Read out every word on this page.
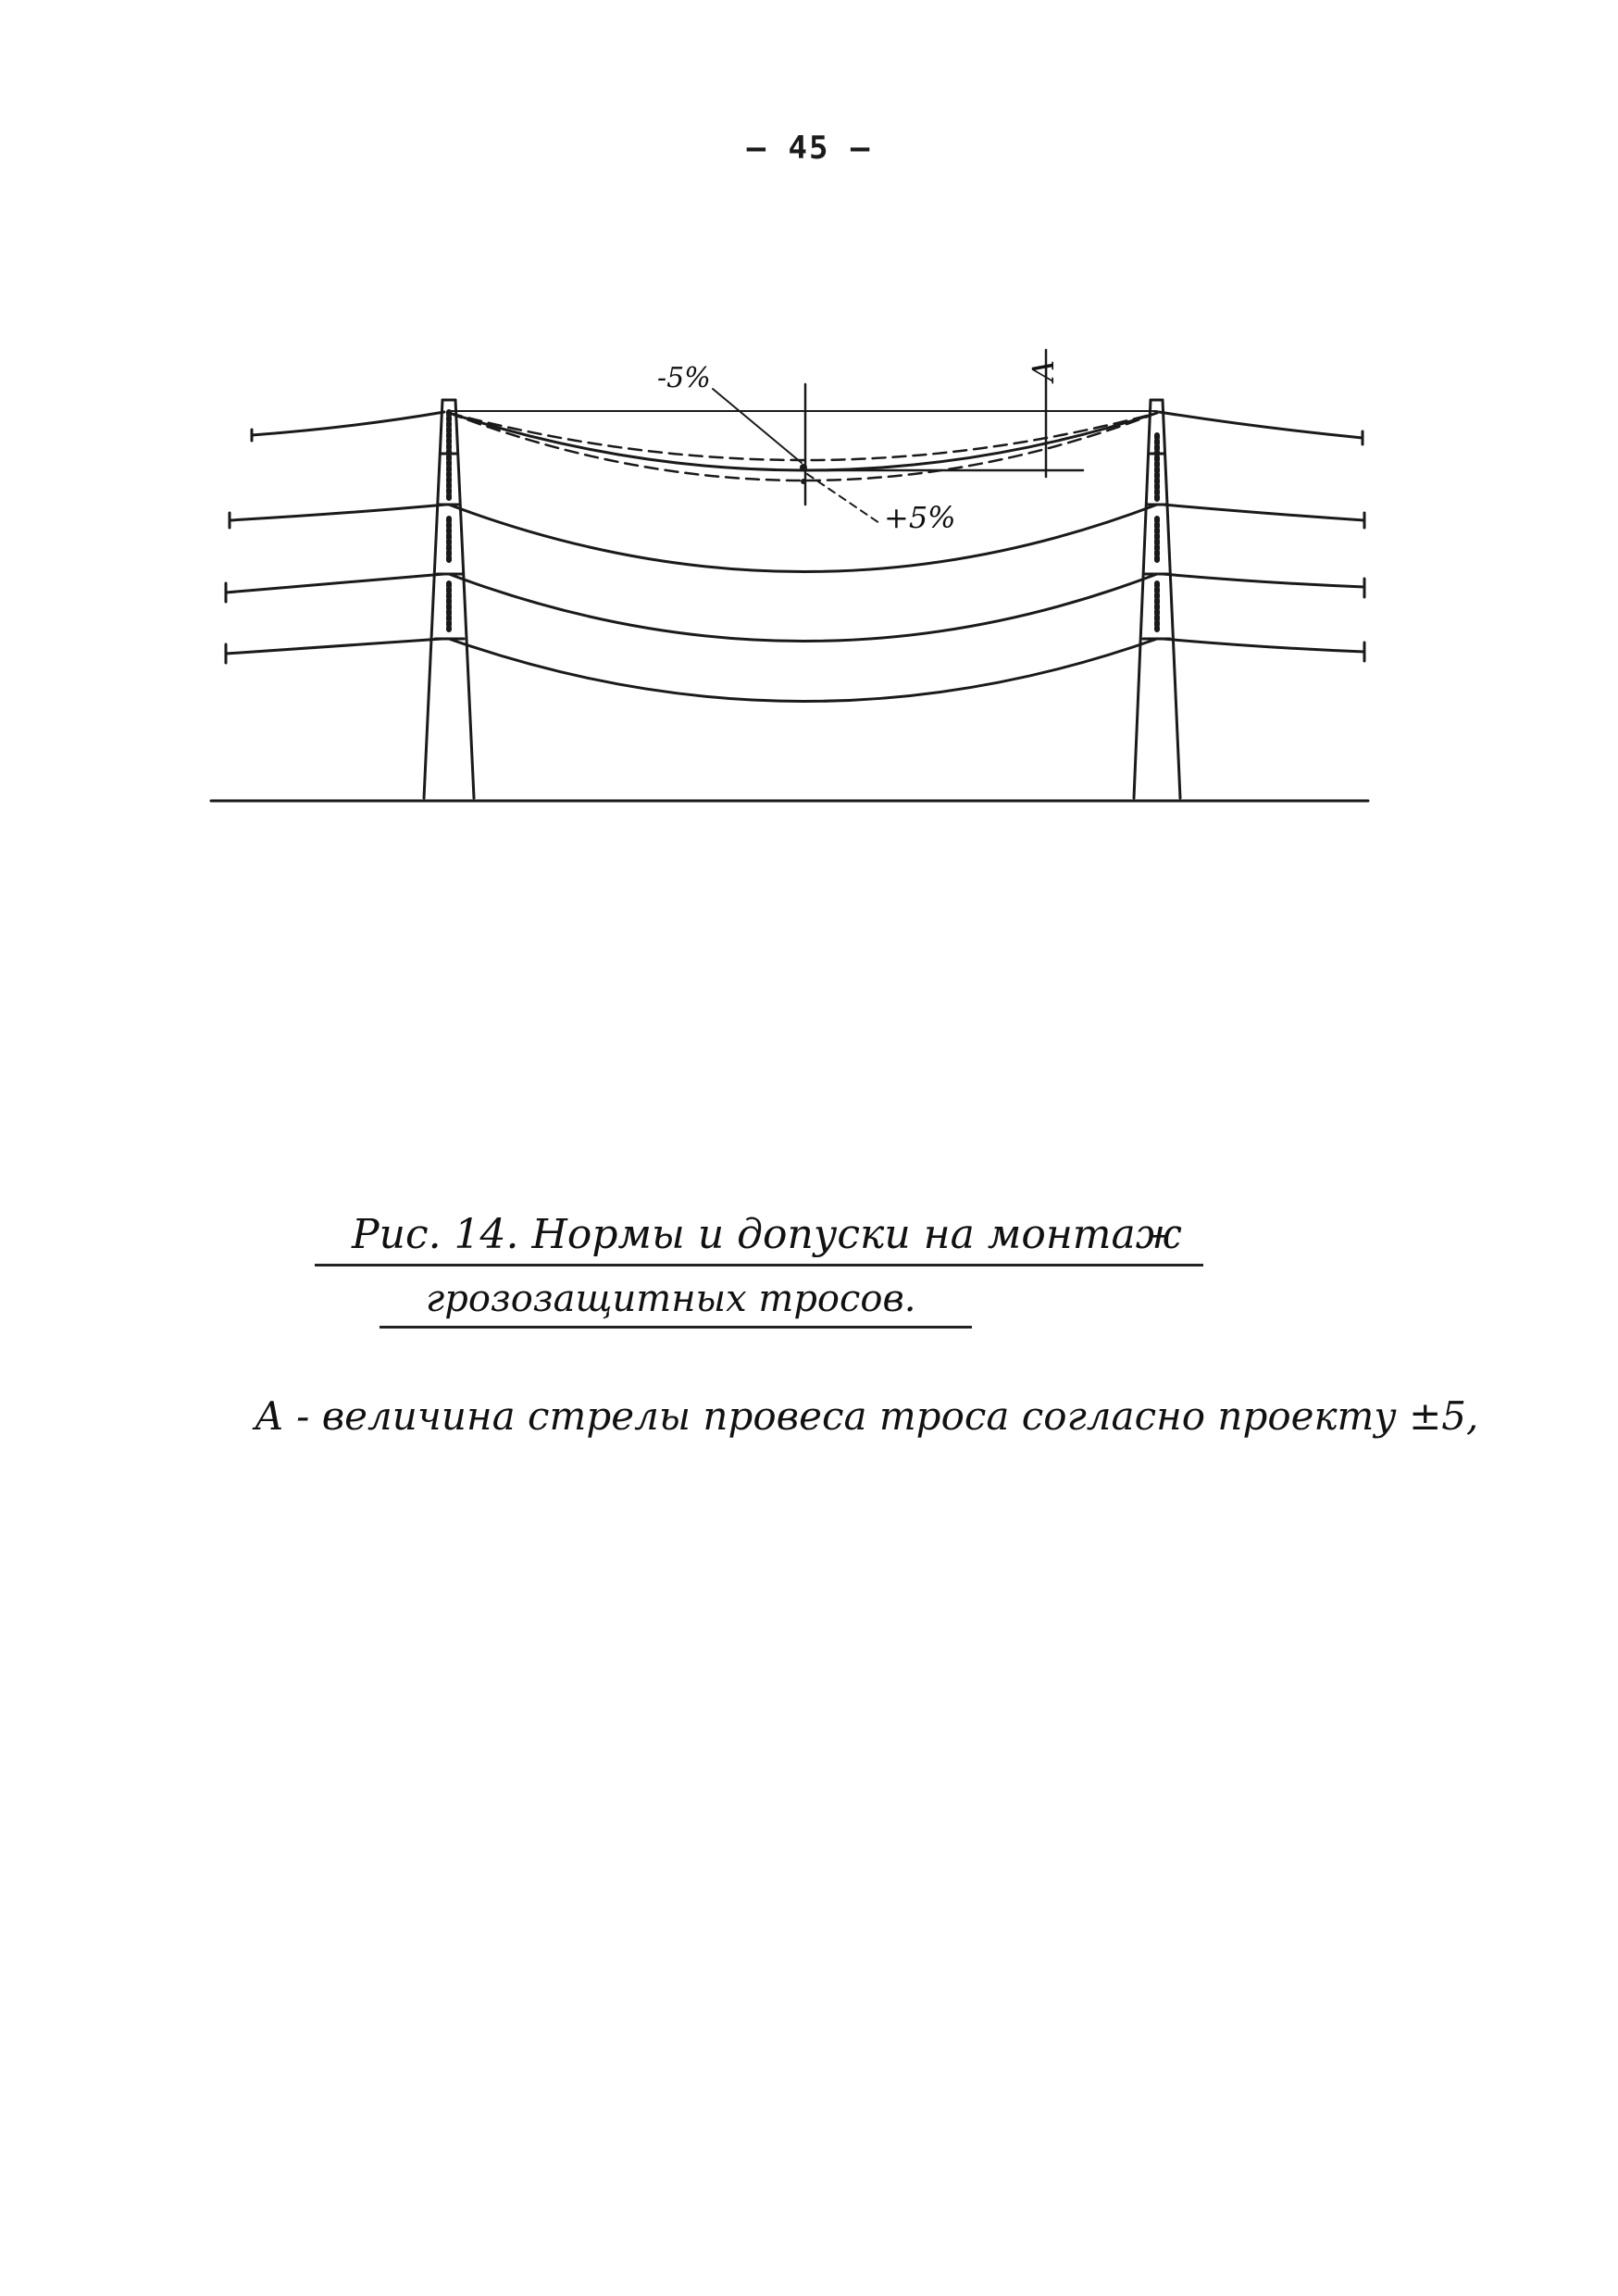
– 45 –
-5%
+5%
A
Рис. 14. Нормы и допуски на монтаж
грозозащитных тросов.
А - величина стрелы провеса троса согласно проекту ±5,
